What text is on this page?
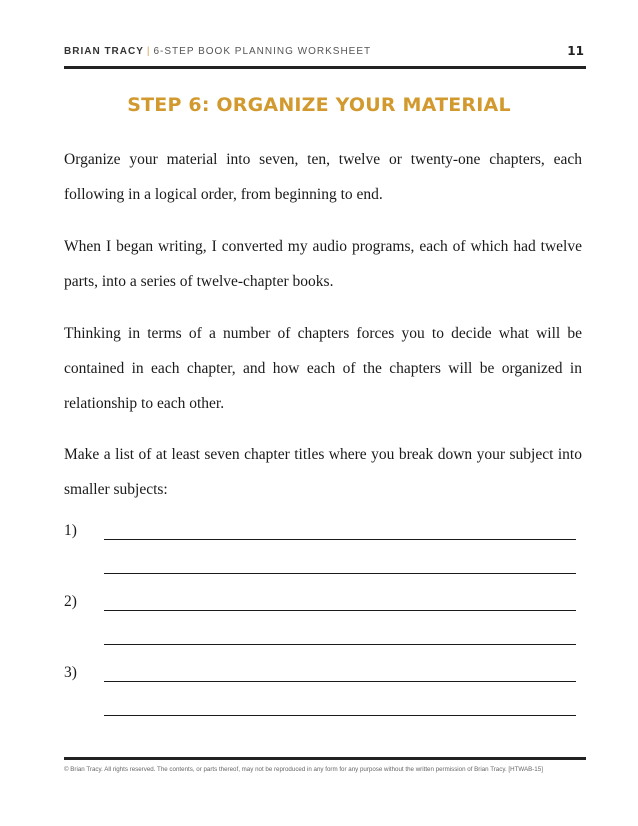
BRIAN TRACY | 6-STEP BOOK PLANNING WORKSHEET	11
STEP 6: ORGANIZE YOUR MATERIAL

Organize your material into seven, ten, twelve or twenty-one chapters, each following in a logical order, from beginning to end.

When I began writing, I converted my audio programs, each of which had twelve parts, into a series of twelve-chapter books.

Thinking in terms of a number of chapters forces you to decide what will be contained in each chapter, and how each of the chapters will be organized in relationship to each other.

Make a list of at least seven chapter titles where you break down your subject into smaller subjects:

1)
2)
3)
© Brian Tracy. All rights reserved. The contents, or parts thereof, may not be reproduced in any form for any purpose without the written permission of Brian Tracy. [HTWAB-15]
